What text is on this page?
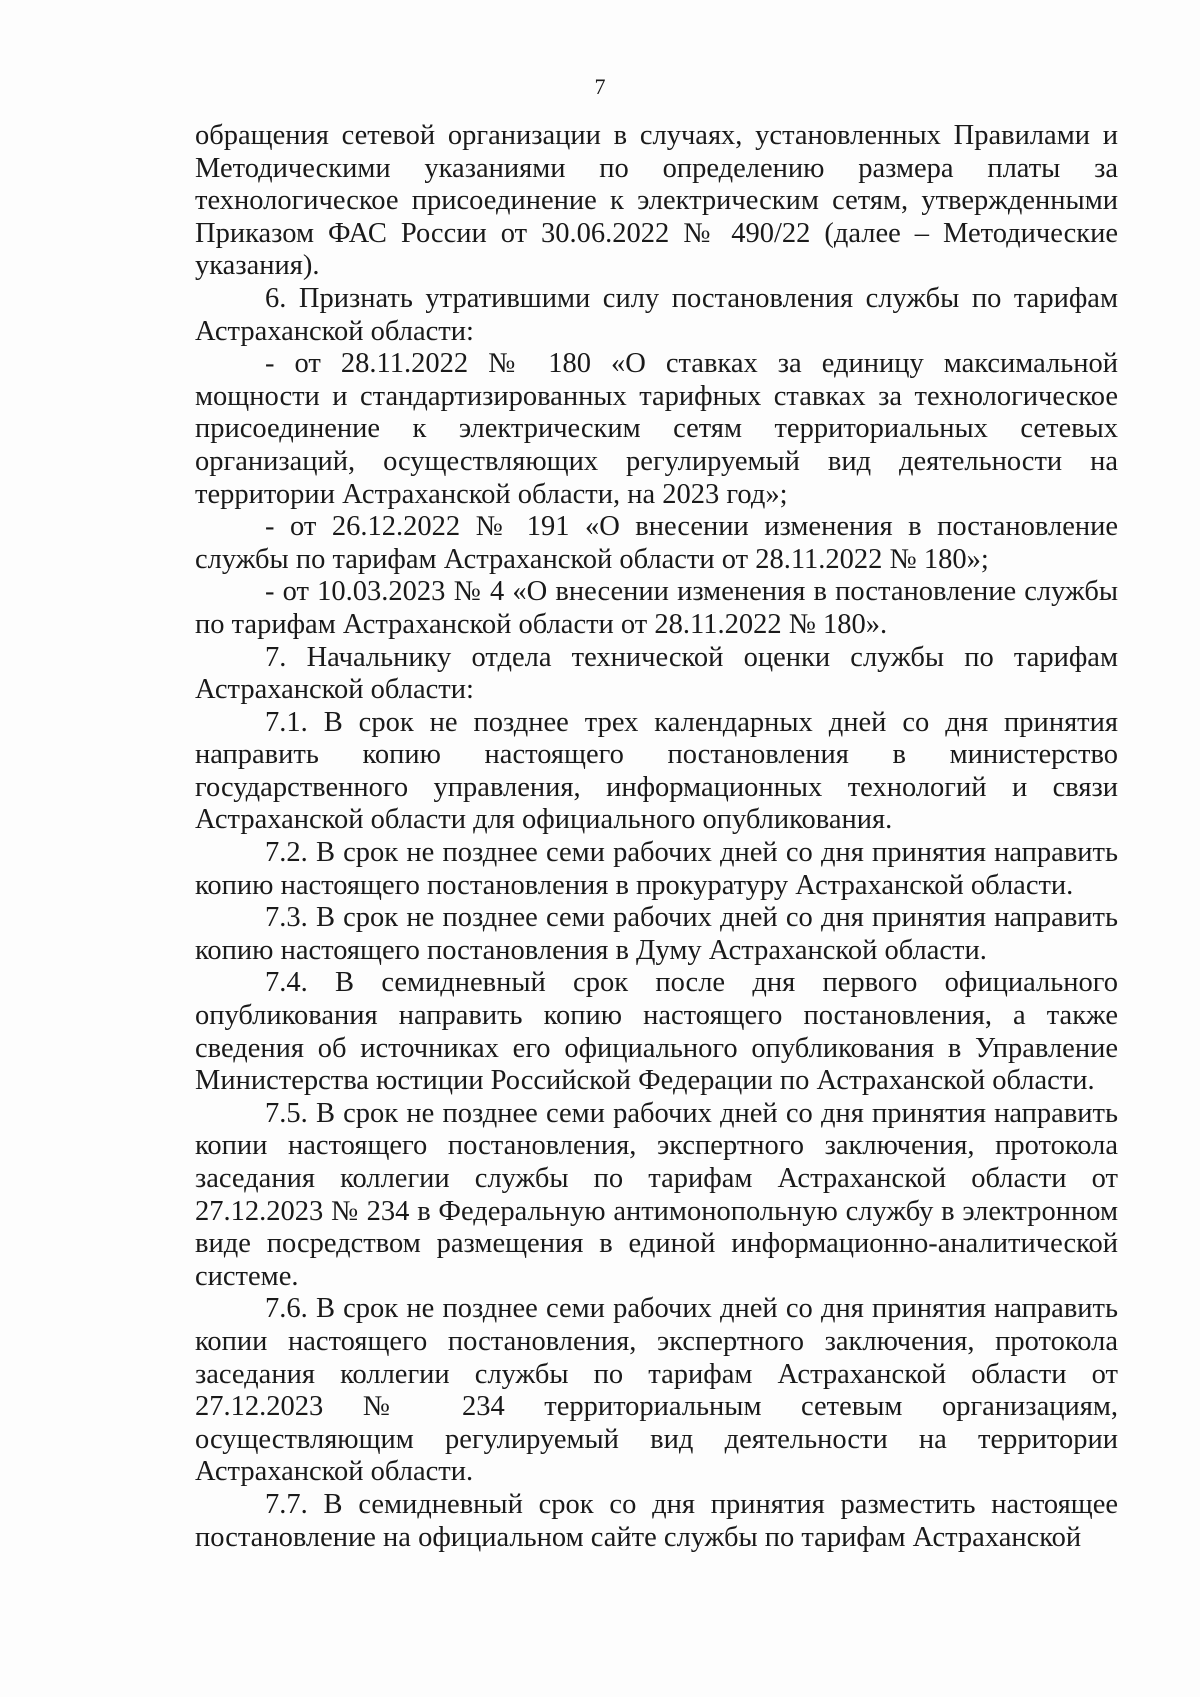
7

обращения сетевой организации в случаях, установленных Правилами и Методическими указаниями по определению размера платы за технологическое присоединение к электрическим сетям, утвержденными Приказом ФАС России от 30.06.2022 № 490/22 (далее – Методические указания).

6. Признать утратившими силу постановления службы по тарифам Астраханской области:

- от 28.11.2022 № 180 «О ставках за единицу максимальной мощности и стандартизированных тарифных ставках за технологическое присоединение к электрическим сетям территориальных сетевых организаций, осуществляющих регулируемый вид деятельности на территории Астраханской области, на 2023 год»;

- от 26.12.2022 № 191 «О внесении изменения в постановление службы по тарифам Астраханской области от 28.11.2022 № 180»;

- от 10.03.2023 № 4 «О внесении изменения в постановление службы по тарифам Астраханской области от 28.11.2022 № 180».

7. Начальнику отдела технической оценки службы по тарифам Астраханской области:

7.1. В срок не позднее трех календарных дней со дня принятия направить копию настоящего постановления в министерство государственного управления, информационных технологий и связи Астраханской области для официального опубликования.

7.2. В срок не позднее семи рабочих дней со дня принятия направить копию настоящего постановления в прокуратуру Астраханской области.

7.3. В срок не позднее семи рабочих дней со дня принятия направить копию настоящего постановления в Думу Астраханской области.

7.4. В семидневный срок после дня первого официального опубликования направить копию настоящего постановления, а также сведения об источниках его официального опубликования в Управление Министерства юстиции Российской Федерации по Астраханской области.

7.5. В срок не позднее семи рабочих дней со дня принятия направить копии настоящего постановления, экспертного заключения, протокола заседания коллегии службы по тарифам Астраханской области от 27.12.2023 № 234 в Федеральную антимонопольную службу в электронном виде посредством размещения в единой информационно-аналитической системе.

7.6. В срок не позднее семи рабочих дней со дня принятия направить копии настоящего постановления, экспертного заключения, протокола заседания коллегии службы по тарифам Астраханской области от 27.12.2023 № 234 территориальным сетевым организациям, осуществляющим регулируемый вид деятельности на территории Астраханской области.

7.7. В семидневный срок со дня принятия разместить настоящее постановление на официальном сайте службы по тарифам Астраханской
